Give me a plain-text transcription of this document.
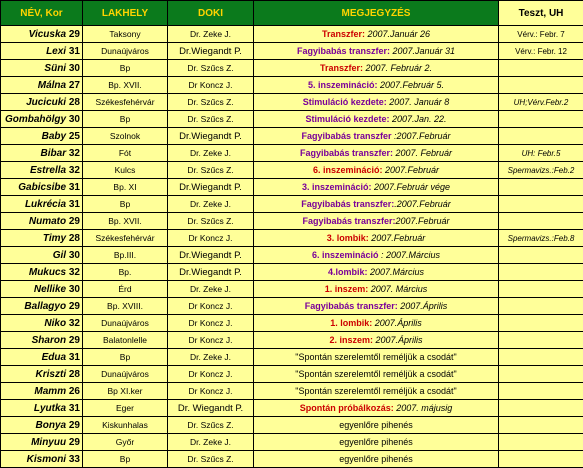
NÉV, Kor	LAKHELY	DOKI	MEGJEGYZÉS	Teszt, UH
Vicuska 29	Taksony	Dr. Zeke J.	Transzfer: 2007.Január 26	Vérv.: Febr. 7
Lexi 31	Dunaújváros	Dr.Wiegandt P.	Fagyibabás transzfer: 2007.Január 31	Vérv.: Febr. 12
Süni 30	Bp	Dr. Szűcs Z.	Transzfer: 2007. Február 2.	
Málna 27	Bp. XVII.	Dr Koncz J.	5. inszemináció: 2007.Február 5.	
Jucicuki 28	Székesfehérvár	Dr. Szűcs Z.	Stimuláció kezdete: 2007. Január 8	UH;Vérv.Febr.2
Gombahölgy 30	Bp	Dr. Szűcs Z.	Stimuláció kezdete: 2007.Jan. 22.	
Baby 25	Szolnok	Dr.Wiegandt P.	Fagyibabás transzfer :2007.Február	
Bibar 32	Fót	Dr. Zeke J.	Fagyibabás transzfer: 2007. Február	UH: Febr.5
Estrella 32	Kulcs	Dr. Szűcs Z.	6. inszemináció: 2007.Február	Spermavizs.:Feb.2
Gabicsibe 31	Bp. XI	Dr.Wiegandt P.	3. inszemináció: 2007.Február vége	
Lukrécia 31	Bp	Dr. Zeke J.	Fagyibabás transzfer:.2007.Február	
Numato 29	Bp. XVII.	Dr. Szűcs Z.	Fagyibabás transzfer:2007.Február	
Timy 28	Székesfehérvár	Dr Koncz J.	3. lombik: 2007.Február	Spermavizs.:Feb.8
Gil 30	Bp.III.	Dr.Wiegandt P.	6. inszemináció : 2007.Március	
Mukucs 32	Bp.	Dr.Wiegandt P.	4.lombik: 2007.Március	
Nellike 30	Érd	Dr. Zeke J.	1. inszem: 2007. Március	
Ballagyo 29	Bp. XVIII.	Dr Koncz J.	Fagyibabás transzfer: 2007.Április	
Niko 32	Dunaújváros	Dr Koncz J.	1. lombik: 2007.Április	
Sharon 29	Balatonlelle	Dr Koncz J.	2. inszem: 2007.Április	
Edua 31	Bp	Dr. Zeke J.	"Spontán szerelemtől reméljük a csodát"	
Kriszti 28	Dunaújváros	Dr Koncz J.	"Spontán szerelemtől reméljük a csodát"	
Mamm 26	Bp XI.ker	Dr Koncz J.	"Spontán szerelemtől reméljük a csodát"	
Lyutka 31	Eger	Dr. Wiegandt P.	Spontán próbálkozás: 2007. májusig	
Bonya 29	Kiskunhalas	Dr. Szűcs Z.	egyenlőre pihenés	
Minyuu 29	Győr	Dr. Zeke J.	egyenlőre pihenés	
Kismoni 33	Bp	Dr. Szűcs Z.	egyenlőre pihenés	
